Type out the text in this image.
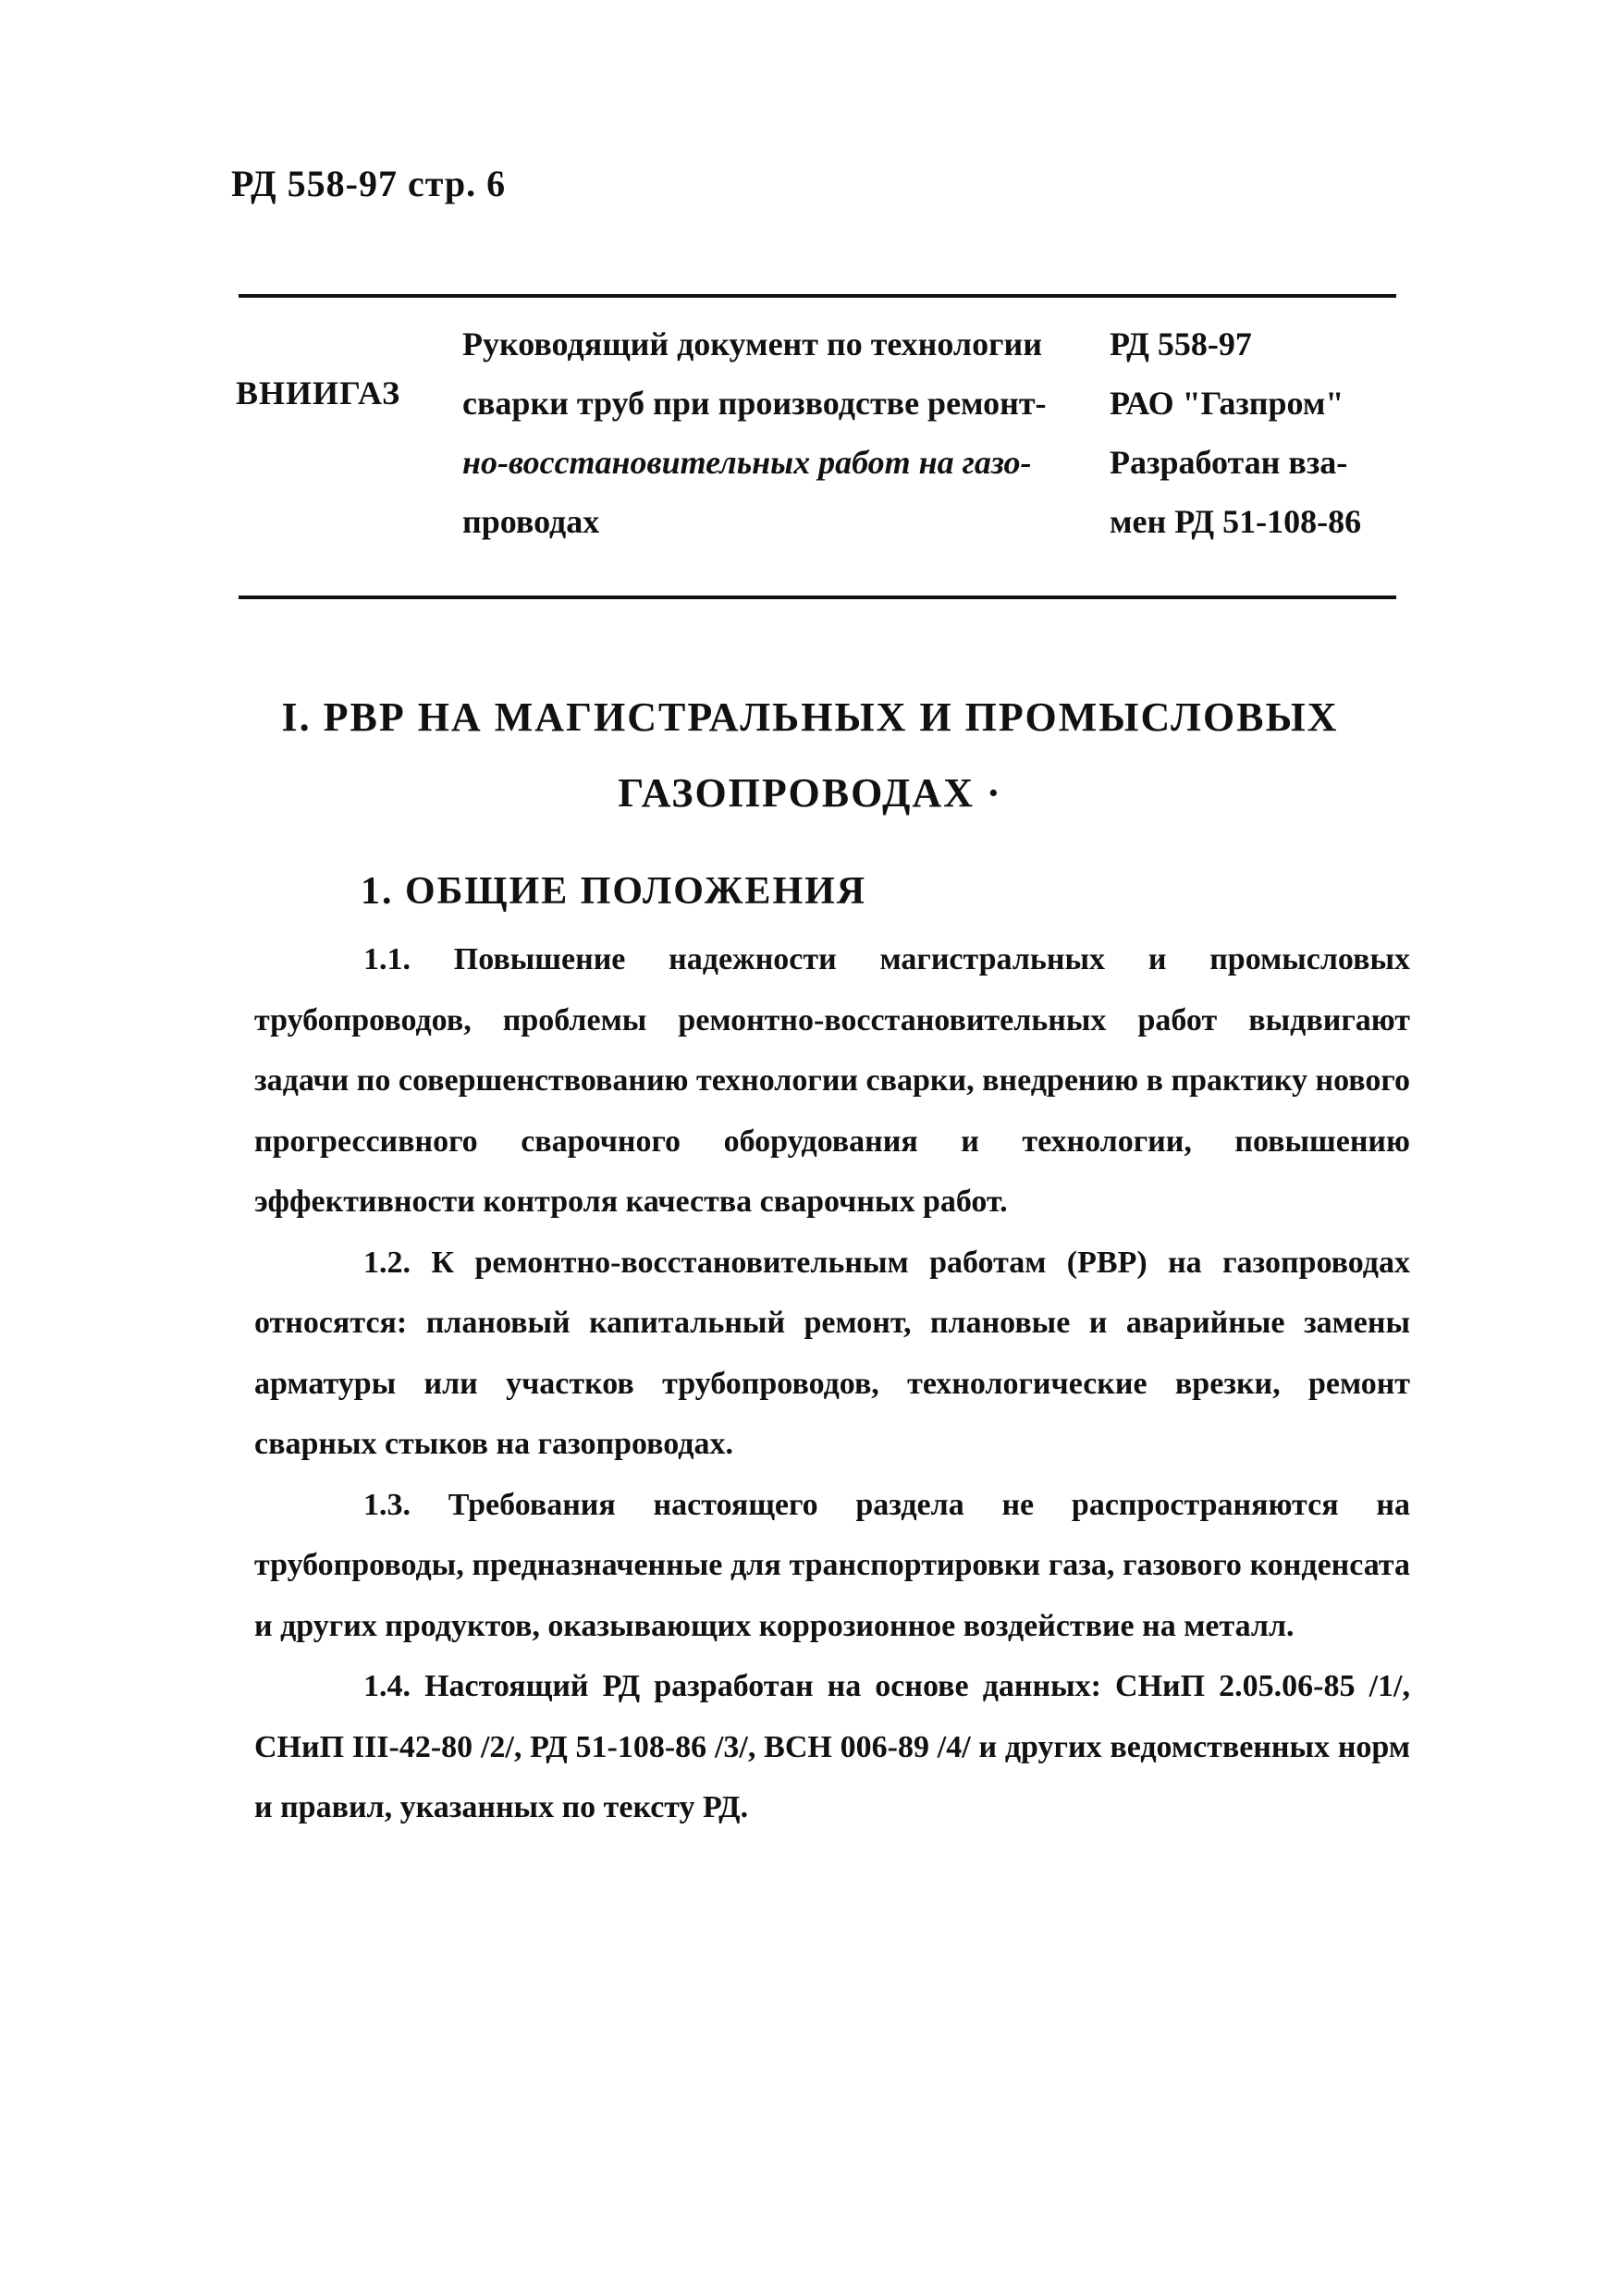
РД 558-97 стр. 6
ВНИИГАЗ
Руководящий документ по технологии
сварки труб при производстве ремонт-
но-восстановительных работ на газо-
проводах
РД 558-97
РАО "Газпром"
Разработан вза-
мен РД 51-108-86
I. РВР НА МАГИСТРАЛЬНЫХ И ПРОМЫСЛОВЫХ
ГАЗОПРОВОДАХ ·
1. ОБЩИЕ ПОЛОЖЕНИЯ

1.1. Повышение надежности магистральных и промысловых трубопроводов, проблемы ремонтно-восстановительных работ выдвигают задачи по совершенствованию технологии сварки, внедрению в практику нового прогрессивного сварочного оборудования и технологии, повышению эффективности контроля качества сварочных работ.

1.2. К ремонтно-восстановительным работам (РВР) на газопроводах относятся: плановый капитальный ремонт, плановые и аварийные замены арматуры или участков трубопроводов, технологические врезки, ремонт сварных стыков на газопроводах.

1.3. Требования настоящего раздела не распространяются на трубопроводы, предназначенные для транспортировки газа, газового конденсата и других продуктов, оказывающих коррозионное воздействие на металл.

1.4. Настоящий РД разработан на основе данных: СНиП 2.05.06-85 /1/, СНиП III-42-80 /2/, РД 51-108-86 /3/, ВСН 006-89 /4/ и других ведомственных норм и правил, указанных по тексту РД.
